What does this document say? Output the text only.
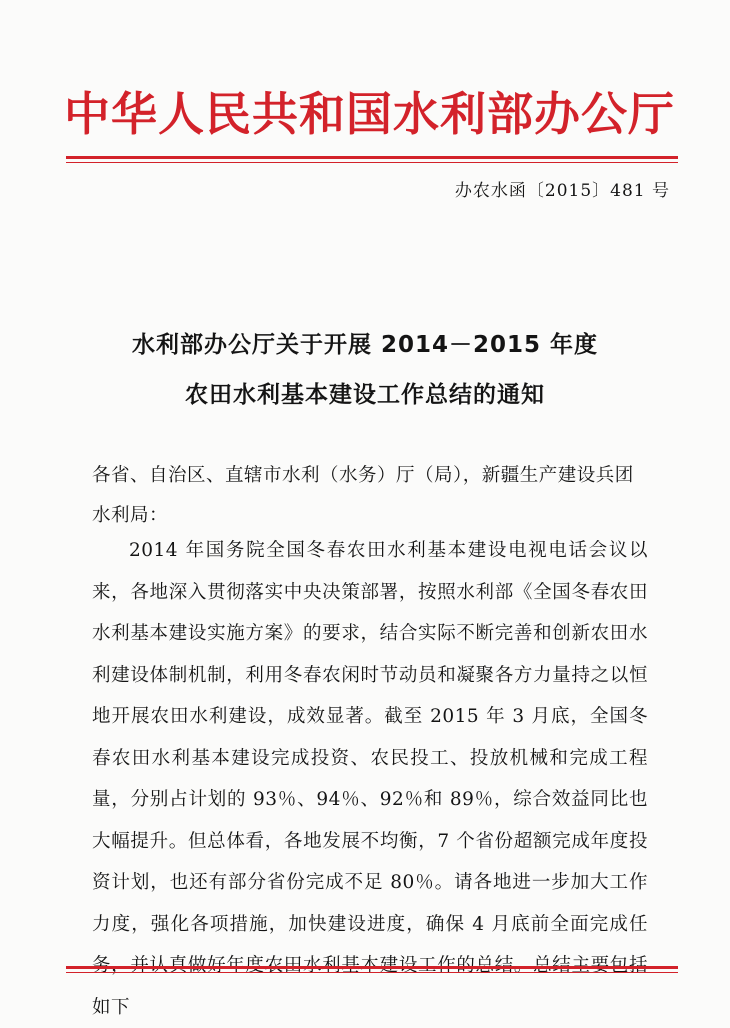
中华人民共和国水利部办公厅
办农水函〔2015〕481 号
水利部办公厅关于开展 2014－2015 年度
农田水利基本建设工作总结的通知
各省、自治区、直辖市水利（水务）厅（局），新疆生产建设兵团水利局：
2014 年国务院全国冬春农田水利基本建设电视电话会议以来，各地深入贯彻落实中央决策部署，按照水利部《全国冬春农田水利基本建设实施方案》的要求，结合实际不断完善和创新农田水利建设体制机制，利用冬春农闲时节动员和凝聚各方力量持之以恒地开展农田水利建设，成效显著。截至 2015 年 3 月底，全国冬春农田水利基本建设完成投资、农民投工、投放机械和完成工程量，分别占计划的 93％、94％、92％和 89％，综合效益同比也大幅提升。但总体看，各地发展不均衡，7 个省份超额完成年度投资计划，也还有部分省份完成不足 80％。请各地进一步加大工作力度，强化各项措施，加快建设进度，确保 4 月底前全面完成任 如下
